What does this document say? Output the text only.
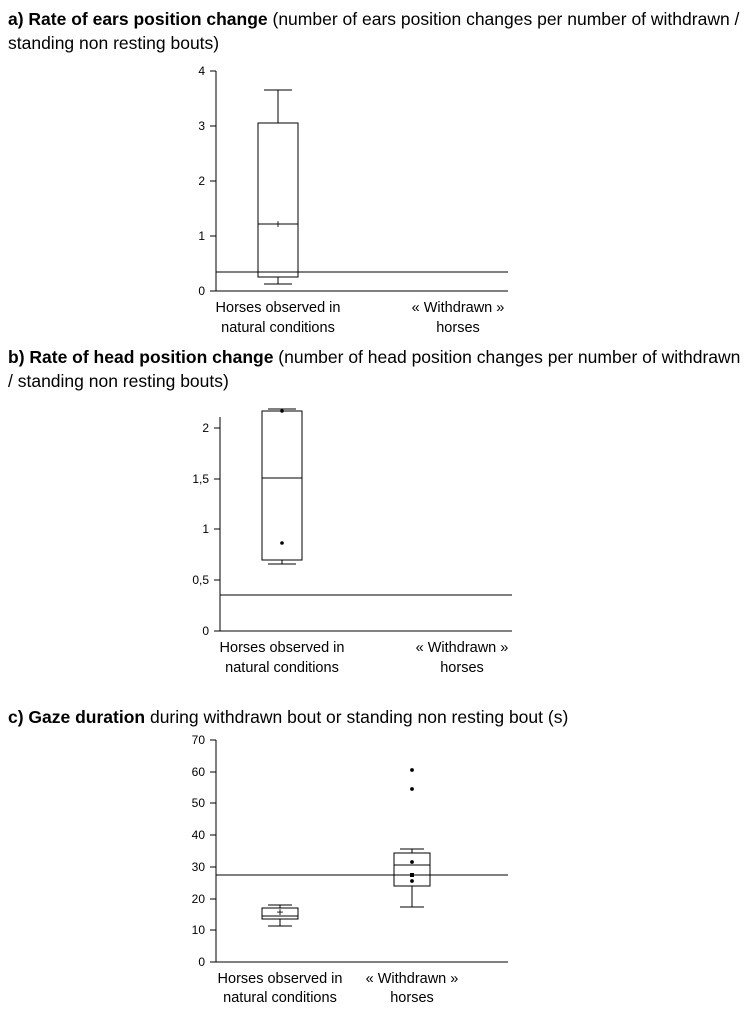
a) Rate of ears position change (number of ears position changes per number of withdrawn / standing non resting bouts)
4
3
2
1
0
+
Horses observed in
natural conditions
« Withdrawn »
horses
b) Rate of head position change (number of head position changes per number of withdrawn / standing non resting bouts)
2
1,5
1
0,5
0
Horses observed in
natural conditions
« Withdrawn »
horses
c) Gaze duration during withdrawn bout or standing non resting bout (s)
70
60
50
40
30
20
10
0
+
Horses observed in
natural conditions
« Withdrawn »
horses
